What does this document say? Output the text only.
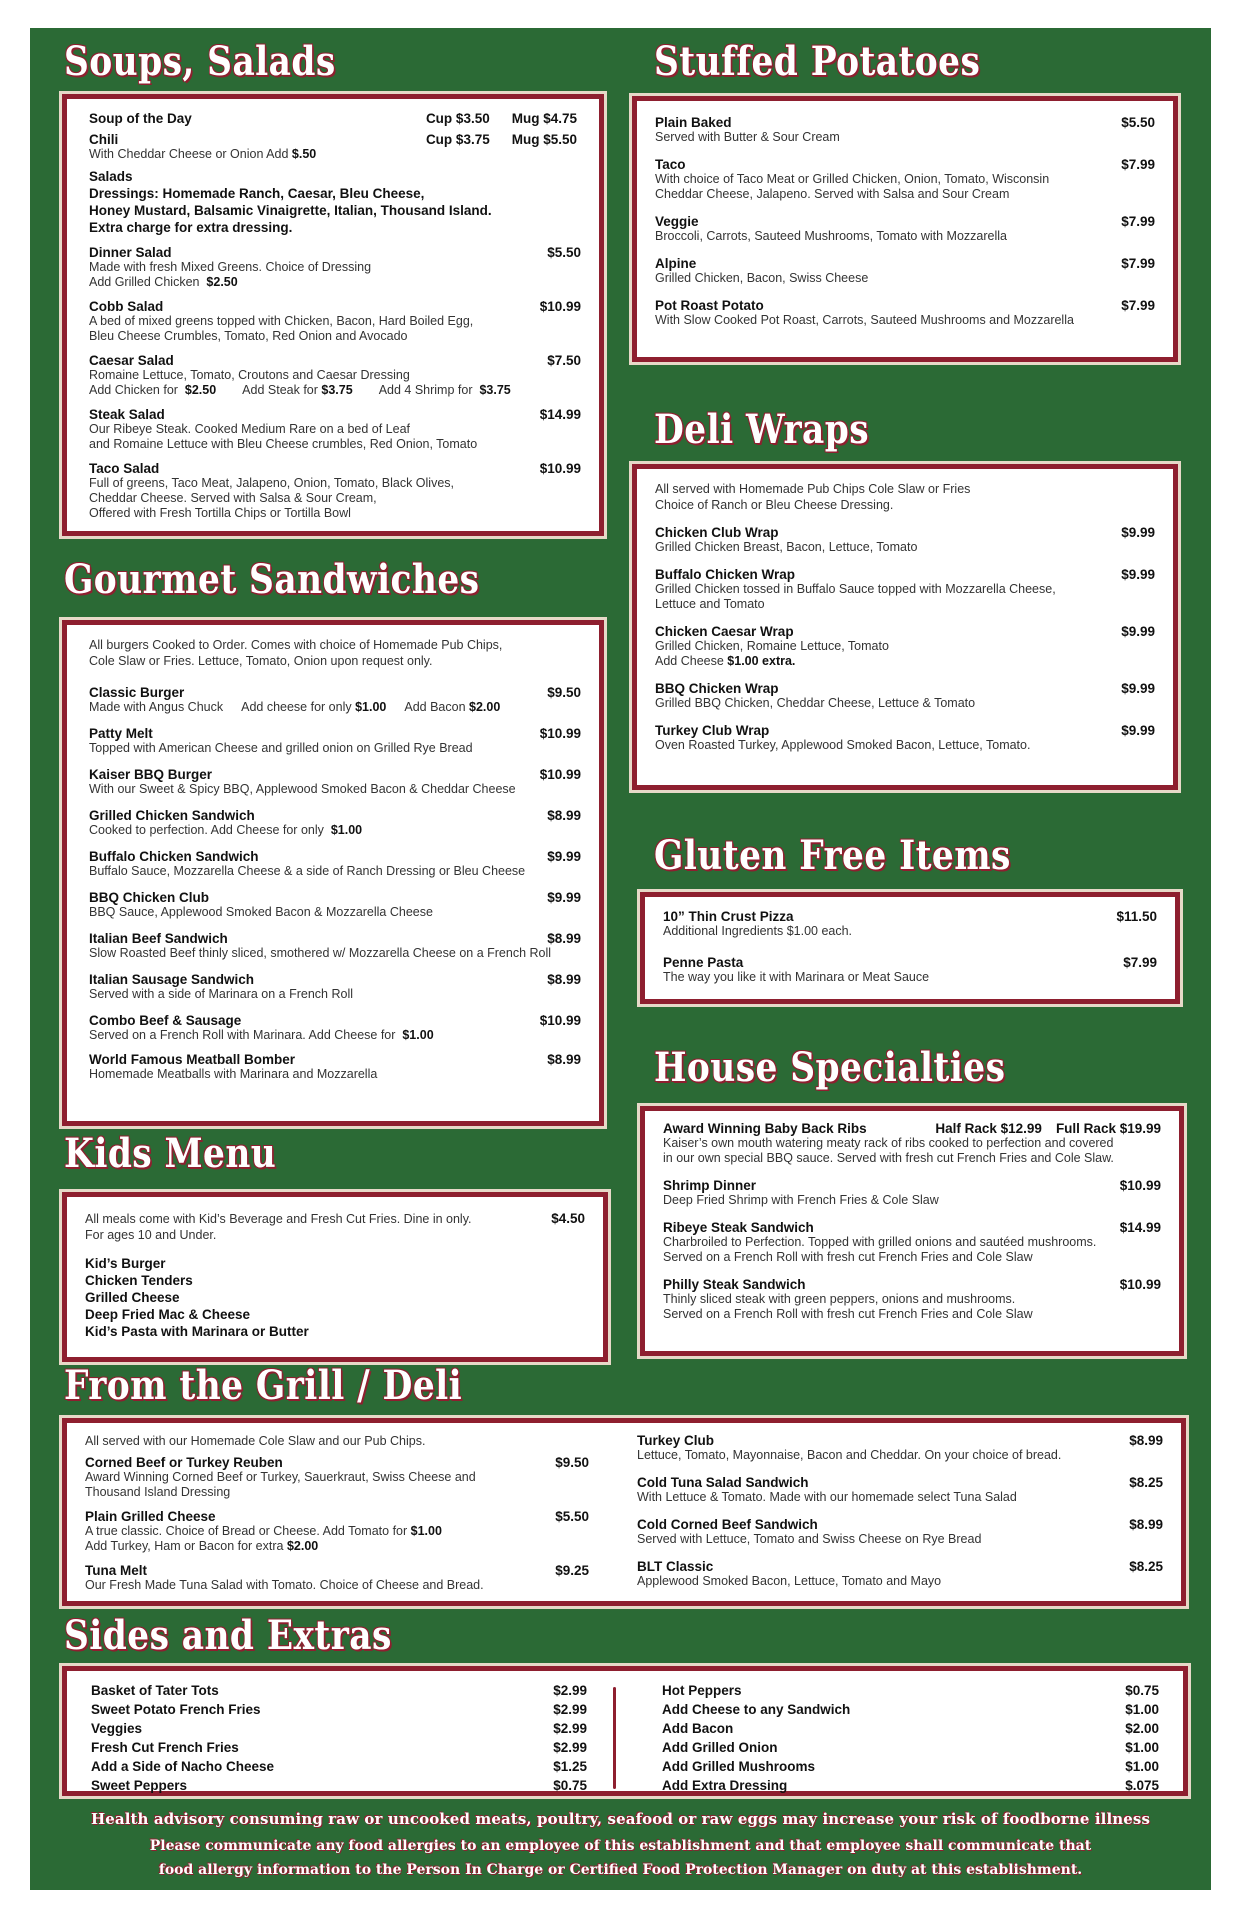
Soups, Salads	Stuffed Potatoes
Deli Wraps
Gourmet Sandwiches
Gluten Free Items
Kids Menu
House Specialties
From the Grill / Deli
Sides and Extras
Soup of the Day	Cup $3.50 Mug $4.75
Chili	Cup $3.75 Mug $5.50
With Cheddar Cheese or Onion Add $.50
Salads
Dressings: Homemade Ranch, Caesar, Bleu Cheese,
Honey Mustard, Balsamic Vinaigrette, Italian, Thousand Island.
Extra charge for extra dressing.
Dinner Salad	$5.50
Made with fresh Mixed Greens. Choice of Dressing
Add Grilled Chicken $2.50
Cobb Salad	$10.99
A bed of mixed greens topped with Chicken, Bacon, Hard Boiled Egg,
Bleu Cheese Crumbles, Tomato, Red Onion and Avocado
Caesar Salad	$7.50
Romaine Lettuce, Tomato, Croutons and Caesar Dressing
Add Chicken for $2.50 Add Steak for $3.75 Add 4 Shrimp for $3.75
Steak Salad	$14.99
Our Ribeye Steak. Cooked Medium Rare on a bed of Leaf
and Romaine Lettuce with Bleu Cheese crumbles, Red Onion, Tomato
Taco Salad	$10.99
Full of greens, Taco Meat, Jalapeno, Onion, Tomato, Black Olives,
Cheddar Cheese. Served with Salsa & Sour Cream,
Offered with Fresh Tortilla Chips or Tortilla Bowl
Plain Baked	$5.50
Served with Butter & Sour Cream
Taco	$7.99
With choice of Taco Meat or Grilled Chicken, Onion, Tomato, Wisconsin
Cheddar Cheese, Jalapeno. Served with Salsa and Sour Cream
Veggie	$7.99
Broccoli, Carrots, Sauteed Mushrooms, Tomato with Mozzarella
Alpine	$7.99
Grilled Chicken, Bacon, Swiss Cheese
Pot Roast Potato	$7.99
With Slow Cooked Pot Roast, Carrots, Sauteed Mushrooms and Mozzarella
All served with Homemade Pub Chips Cole Slaw or Fries
Choice of Ranch or Bleu Cheese Dressing.
Chicken Club Wrap	$9.99
Grilled Chicken Breast, Bacon, Lettuce, Tomato
Buffalo Chicken Wrap	$9.99
Grilled Chicken tossed in Buffalo Sauce topped with Mozzarella Cheese,
Lettuce and Tomato
Chicken Caesar Wrap	$9.99
Grilled Chicken, Romaine Lettuce, Tomato
Add Cheese $1.00 extra.
BBQ Chicken Wrap	$9.99
Grilled BBQ Chicken, Cheddar Cheese, Lettuce & Tomato
Turkey Club Wrap	$9.99
Oven Roasted Turkey, Applewood Smoked Bacon, Lettuce, Tomato.
All burgers Cooked to Order. Comes with choice of Homemade Pub Chips,
Cole Slaw or Fries. Lettuce, Tomato, Onion upon request only.
Classic Burger	$9.50
Made with Angus Chuck Add cheese for only $1.00 Add Bacon $2.00
Patty Melt	$10.99
Topped with American Cheese and grilled onion on Grilled Rye Bread
Kaiser BBQ Burger	$10.99
With our Sweet & Spicy BBQ, Applewood Smoked Bacon & Cheddar Cheese
Grilled Chicken Sandwich	$8.99
Cooked to perfection. Add Cheese for only $1.00
Buffalo Chicken Sandwich	$9.99
Buffalo Sauce, Mozzarella Cheese & a side of Ranch Dressing or Bleu Cheese
BBQ Chicken Club	$9.99
BBQ Sauce, Applewood Smoked Bacon & Mozzarella Cheese
Italian Beef Sandwich	$8.99
Slow Roasted Beef thinly sliced, smothered w/ Mozzarella Cheese on a French Roll
Italian Sausage Sandwich	$8.99
Served with a side of Marinara on a French Roll
Combo Beef & Sausage	$10.99
Served on a French Roll with Marinara. Add Cheese for $1.00
World Famous Meatball Bomber	$8.99
Homemade Meatballs with Marinara and Mozzarella
10” Thin Crust Pizza	$11.50
Additional Ingredients $1.00 each.
Penne Pasta	$7.99
The way you like it with Marinara or Meat Sauce
All meals come with Kid’s Beverage and Fresh Cut Fries. Dine in only.	$4.50
For ages 10 and Under.
Kid’s Burger
Chicken Tenders
Grilled Cheese
Deep Fried Mac & Cheese
Kid’s Pasta with Marinara or Butter
Award Winning Baby Back Ribs	Half Rack $12.99 Full Rack $19.99
Kaiser’s own mouth watering meaty rack of ribs cooked to perfection and covered
in our own special BBQ sauce. Served with fresh cut French Fries and Cole Slaw.
Shrimp Dinner	$10.99
Deep Fried Shrimp with French Fries & Cole Slaw
Ribeye Steak Sandwich	$14.99
Charbroiled to Perfection. Topped with grilled onions and sautéed mushrooms.
Served on a French Roll with fresh cut French Fries and Cole Slaw
Philly Steak Sandwich	$10.99
Thinly sliced steak with green peppers, onions and mushrooms.
Served on a French Roll with fresh cut French Fries and Cole Slaw
All served with our Homemade Cole Slaw and our Pub Chips.
Corned Beef or Turkey Reuben	$9.50
Award Winning Corned Beef or Turkey, Sauerkraut, Swiss Cheese and
Thousand Island Dressing
Plain Grilled Cheese	$5.50
A true classic. Choice of Bread or Cheese. Add Tomato for $1.00
Add Turkey, Ham or Bacon for extra $2.00
Tuna Melt	$9.25
Our Fresh Made Tuna Salad with Tomato. Choice of Cheese and Bread.
Turkey Club	$8.99
Lettuce, Tomato, Mayonnaise, Bacon and Cheddar. On your choice of bread.
Cold Tuna Salad Sandwich	$8.25
With Lettuce & Tomato. Made with our homemade select Tuna Salad
Cold Corned Beef Sandwich	$8.99
Served with Lettuce, Tomato and Swiss Cheese on Rye Bread
BLT Classic	$8.25
Applewood Smoked Bacon, Lettuce, Tomato and Mayo
Basket of Tater Tots	$2.99
Sweet Potato French Fries	$2.99
Veggies	$2.99
Fresh Cut French Fries	$2.99
Add a Side of Nacho Cheese	$1.25
Sweet Peppers	$0.75
Hot Peppers	$0.75
Add Cheese to any Sandwich	$1.00
Add Bacon	$2.00
Add Grilled Onion	$1.00
Add Grilled Mushrooms	$1.00
Add Extra Dressing	$.075
Health advisory consuming raw or uncooked meats, poultry, seafood or raw eggs may increase your risk of foodborne illness
Please communicate any food allergies to an employee of this establishment and that employee shall communicate that
food allergy information to the Person In Charge or Certified Food Protection Manager on duty at this establishment.
